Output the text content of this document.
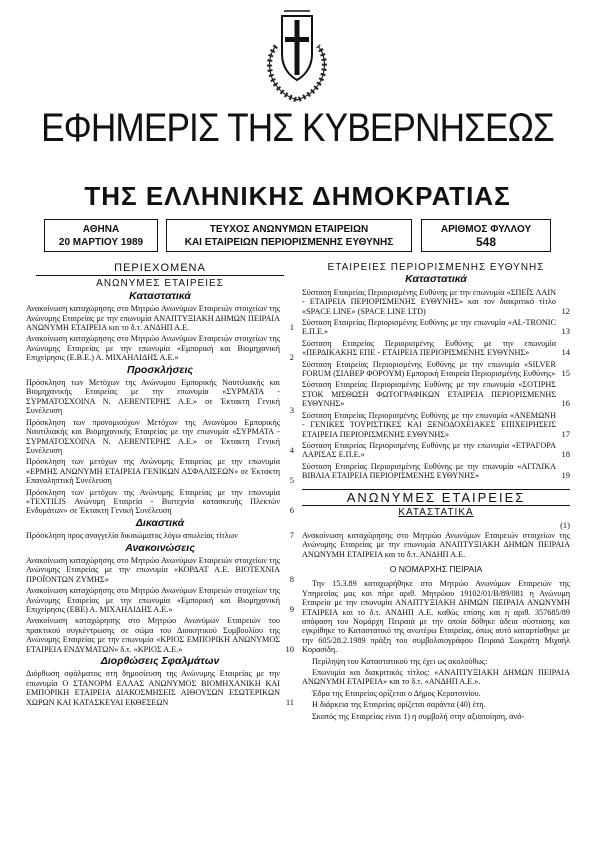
ΕΦΗΜΕΡΙΣ ΤΗΣ ΚΥΒΕΡΝΗΣΕΩΣ
ΤΗΣ ΕΛΛΗΝΙΚΗΣ ΔΗΜΟΚΡΑΤΙΑΣ
ΑΘΗΝΑ
20 ΜΑΡΤΙΟΥ 1989
ΤΕΥΧΟΣ ΑΝΩΝΥΜΩΝ ΕΤΑΙΡΕΙΩΝ
ΚΑΙ ΕΤΑΙΡΕΙΩΝ ΠΕΡΙΟΡΙΣΜΕΝΗΣ ΕΥΘΥΝΗΣ
ΑΡΙΘΜΟΣ ΦΥΛΛΟΥ
548
ΠΕΡΙΕΧΟΜΕΝΑ
ΑΝΩΝΥΜΕΣ ΕΤΑΙΡΕΙΕΣ
Καταστατικά
Ανακοίνωση καταχώρησης στο Μητρώο Ανωνύμων Εταιρειών στοιχείων της Ανώνυμης Εταιρείας με την επωνυμία ΑΝΑΠΤΥΞΙΑΚΗ ΔΗΜΩΝ ΠΕΙΡΑΙΑ ΑΝΩΝΥΜΗ ΕΤΑΙΡΕΙΑ και το δ.τ. ΑΝΔΗΠ Α.Ε.	1
Ανακοίνωση καταχώρησης στο Μητρώο Ανωνύμων Εταιρειών στοιχείων της Ανώνυμης Εταιρείας με την επωνυμία «Εμπορική και Βιομηχανική Επιχείρησις (Ε.Β.Ε.) Α. ΜΙΧΑΗΛΙΔΗΣ Α.Ε.»	2
Προσκλήσεις
Πρόσκληση των Μετόχων της Ανώνυμου Εμπορικής Ναυτιλιακής και Βιομηχανικής Εταιρείας με την επωνυμία «ΣΥΡΜΑΤΑ - ΣΥΡΜΑΤΟΣΧΟΙΝΑ Ν. ΛΕΒΕΝΤΕΡΗΣ Α.Ε.» σε Έκτακτη Γενική Συνέλευση	3
Πρόσκληση των προνομιούχων Μετόχων της Ανωνύμου Εμπορικής Ναυτιλιακής και Βιομηχανικής Εταιρείας με την επωνυμία «ΣΥΡΜΑΤΑ - ΣΥΡΜΑΤΟΣΧΟΙΝΑ Ν. ΛΕΒΕΝΤΕΡΗΣ Α.Ε.» σε Έκτακτη Γενική Συνέλευση	4
Πρόσκληση των μετόχων της Ανώνυμης Εταιρείας με την επωνυμία «ΕΡΜΗΣ ΑΝΩΝΥΜΗ ΕΤΑΙΡΕΙΑ ΓΕΝΙΚΩΝ ΑΣΦΑΛΙΣΕΩΝ» σε Έκτακτη Επαναληπτική Συνέλευση	5
Πρόσκληση των μετόχων της Ανώνυμης Εταιρείας με την επωνυμία «TEXTILIS Ανώνυμη Εταιρεία - Βιοτεχνία κατασκευής Πλεκτών Ενδυμάτων» σε Έκτακτη Γενική Συνέλευση	6
Δικαστικά
Πρόσκληση προς αναγγελία δικαιώματος λόγω απωλείας τίτλων	7
Ανακοινώσεις
Ανακοίνωση καταχώρησης στο Μητρώο Ανωνύμων Εταιρειών στοιχείων της Ανώνυμης Εταιρείας με την επωνυμία «ΚΟΡΔΑΤ Α.Ε. ΒΙΟΤΕΧΝΙΑ ΠΡΟΪΟΝΤΩΝ ΖΥΜΗΣ»	8
Ανακοίνωση καταχώρησης στο Μητρώο Ανωνύμων Εταιρειών στοιχείων της Ανώνυμης Εταιρείας με την επωνυμία «Εμπορική και Βιομηχανική Επιχείρησις (ΕΒΕ) Α. ΜΙΧΑΗΛΙΔΗΣ Α.Ε.»	9
Ανακοίνωση καταχώρησης στο Μητρώο Ανωνύμων Εταιρειών του πρακτικού συγκέντρωσης σε σώμα του Διοικητικού Συμβουλίου της Ανώνυμης Εταιρείας με την επωνυμία «ΚΡΙΟΣ ΕΜΠΟΡΙΚΗ ΑΝΩΝΥΜΟΣ ΕΤΑΙΡΕΙΑ ΕΝΔΥΜΑΤΩΝ» δ.τ. «ΚΡΙΟΣ Α.Ε.»	10
Διορθώσεις Σφαλμάτων
Διόρθωση σφάλματος στη δημοσίευση της Ανώνυμης Εταιρείας με την επωνυμία Ο ΣΤΑΝΟΡΜ ΕΛΛΑΣ ΑΝΩΝΥΜΟΣ ΒΙΟΜΗΧΑΝΙΚΗ ΚΑΙ ΕΜΠΟΡΙΚΗ ΕΤΑΙΡΕΙΑ ΔΙΑΚΟΣΜΗΣΕΙΣ ΑΙΘΟΥΣΩΝ ΕΣΩΤΕΡΙΚΩΝ ΧΩΡΩΝ ΚΑΙ ΚΑΤΑΣΚΕΥΑΙ ΕΚΘΕΣΕΩΝ	11
ΕΤΑΙΡΕΙΕΣ ΠΕΡΙΟΡΙΣΜΕΝΗΣ ΕΥΘΥΝΗΣ
Καταστατικά
Σύσταση Εταιρείας Περιορισμένης Ευθύνης με την επωνυμία «ΣΠΕΪΣ ΛΑΙΝ - ΕΤΑΙΡΕΙΑ ΠΕΡΙΟΡΙΣΜΕΝΗΣ ΕΥΘΥΝΗΣ» και τον διακριτικό τίτλο «SPACE LINE» (SPACE LINE LTD)	12
Σύσταση Εταιρείας Περιορισμένης Ευθύνης με την επωνυμία «ΑL-TRONIC Ε.Π.Ε.»	13
Σύσταση Εταιρείας Περιορισμένης Ευθύνης με την επωνυμία «ΠΕΡΔΙΚΑΚΗΣ ΕΠΕ - ΕΤΑΙΡΕΙΑ ΠΕΡΙΟΡΙΣΜΕΝΗΣ ΕΥΘΥΝΗΣ»	14
Σύσταση Εταιρείας Περιορισμένης Ευθύνης με την επωνυμία «SILVER FORUM (ΣΙΛΒΕΡ ΦΟΡΟΥΜ) Εμπορική Εταιρεία Περιορισμένης Ευθύνης» 15
Σύσταση Εταιρείας Περιορισμένης Ευθύνης με την επωνυμία «ΣΟΤΙΡΗΣ ΣΤΟΚ ΜΙΣΘΩΣΗ ΦΩΤΟΓΡΑΦΙΚΩΝ ΕΤΑΙΡΕΙΑ ΠΕΡΙΟΡΙΣΜΕΝΗΣ ΕΥΘΥΝΗΣ»	16
Σύσταση Εταιρείας Περιορισμένης Ευθύνης με την επωνυμία «ΑΝΕΜΩΝΗ - ΓΕΝΙΚΕΣ ΤΟΥΡΙΣΤΙΚΕΣ ΚΑΙ ΞΕΝΟΔΟΧΕΙΑΚΕΣ ΕΠΙΧΕΙΡΗΣΕΙΣ ΕΤΑΙΡΕΙΑ ΠΕΡΙΟΡΙΣΜΕΝΗΣ ΕΥΘΥΝΗΣ»	17
Σύσταση Εταιρείας Περιορισμένης Ευθύνης με την επωνυμία «ΕΤΡΑΓΟΡΑ ΛΑΡΙΣΑΣ Ε.Π.Ε.»	18
Σύσταση Εταιρείας Περιορισμένης Ευθύνης με την επωνυμία «ΑΓΓΛΙΚΑ ΒΙΒΛΙΑ ΕΤΑΙΡΕΙΑ ΠΕΡΙΟΡΙΣΜΕΝΗΣ ΕΥΘΥΝΗΣ»	19
ΑΝΩΝΥΜΕΣ ΕΤΑΙΡΕΙΕΣ
ΚΑΤΑΣΤΑΤΙΚΑ
(1)
Ανακοίνωση καταχώρησης στο Μητρώο Ανωνύμων Εταιρειών στοιχείων της Ανώνυμης Εταιρείας με την επωνυμία ΑΝΑΠΤΥΞΙΑΚΗ ΔΗΜΩΝ ΠΕΙΡΑΙΑ ΑΝΩΝΥΜΗ ΕΤΑΙΡΕΙΑ και το δ.τ. ΑΝΔΗΠ Α.Ε.
Ο ΝΟΜΑΡΧΗΣ ΠΕΙΡΑΙΑ
Την 15.3.89 καταχωρήθηκε στο Μητρώο Ανωνύμων Εταιρειών της Υπηρεσίας μας και πήρε αριθ. Μητρώου 19102/01/Β/89/081 η Ανώνυμη Εταιρεία με την επωνυμία ΑΝΑΠΤΥΞΙΑΚΗ ΔΗΜΩΝ ΠΕΙΡΑΙΑ ΑΝΩΝΥΜΗ ΕΤΑΙΡΕΙΑ και το δ.τ. ΑΝΔΗΠ Α.Ε. καθώς επίσης και η αριθ. 357685/89 απόφαση του Νομάρχη Πειραιά με την οποία δόθηκε άδεια σύστασης και εγκρίθηκε το Καταστατικό της ανωτέρω Εταιρείας, όπως αυτό καταρτίσθηκε με την 605/28.2.1989 πράξη του συμβολαιογράφου Πειραιά Σωκράτη Μιχαήλ Κορασίδη.
Περίληψη του Καταστατικού της έχει ως ακολούθως:
Επωνυμία και διακριτικός τίτλος: «ΑΝΑΠΤΥΞΙΑΚΗ ΔΗΜΩΝ ΠΕΙΡΑΙΑ ΑΝΩΝΥΜΗ ΕΤΑΙΡΕΙΑ» και το δ.τ. «ΑΝΔΗΠ Α.Ε.».
Έδρα της Εταιρείας ορίζεται ο Δήμος Κερατσινίου.
Η διάρκεια της Εταιρείας ορίζεται σαράντα (40) έτη.
Σκοπός της Εταιρείας είναι 1) η συμβολή στην αξιοποίηση, ανά-
